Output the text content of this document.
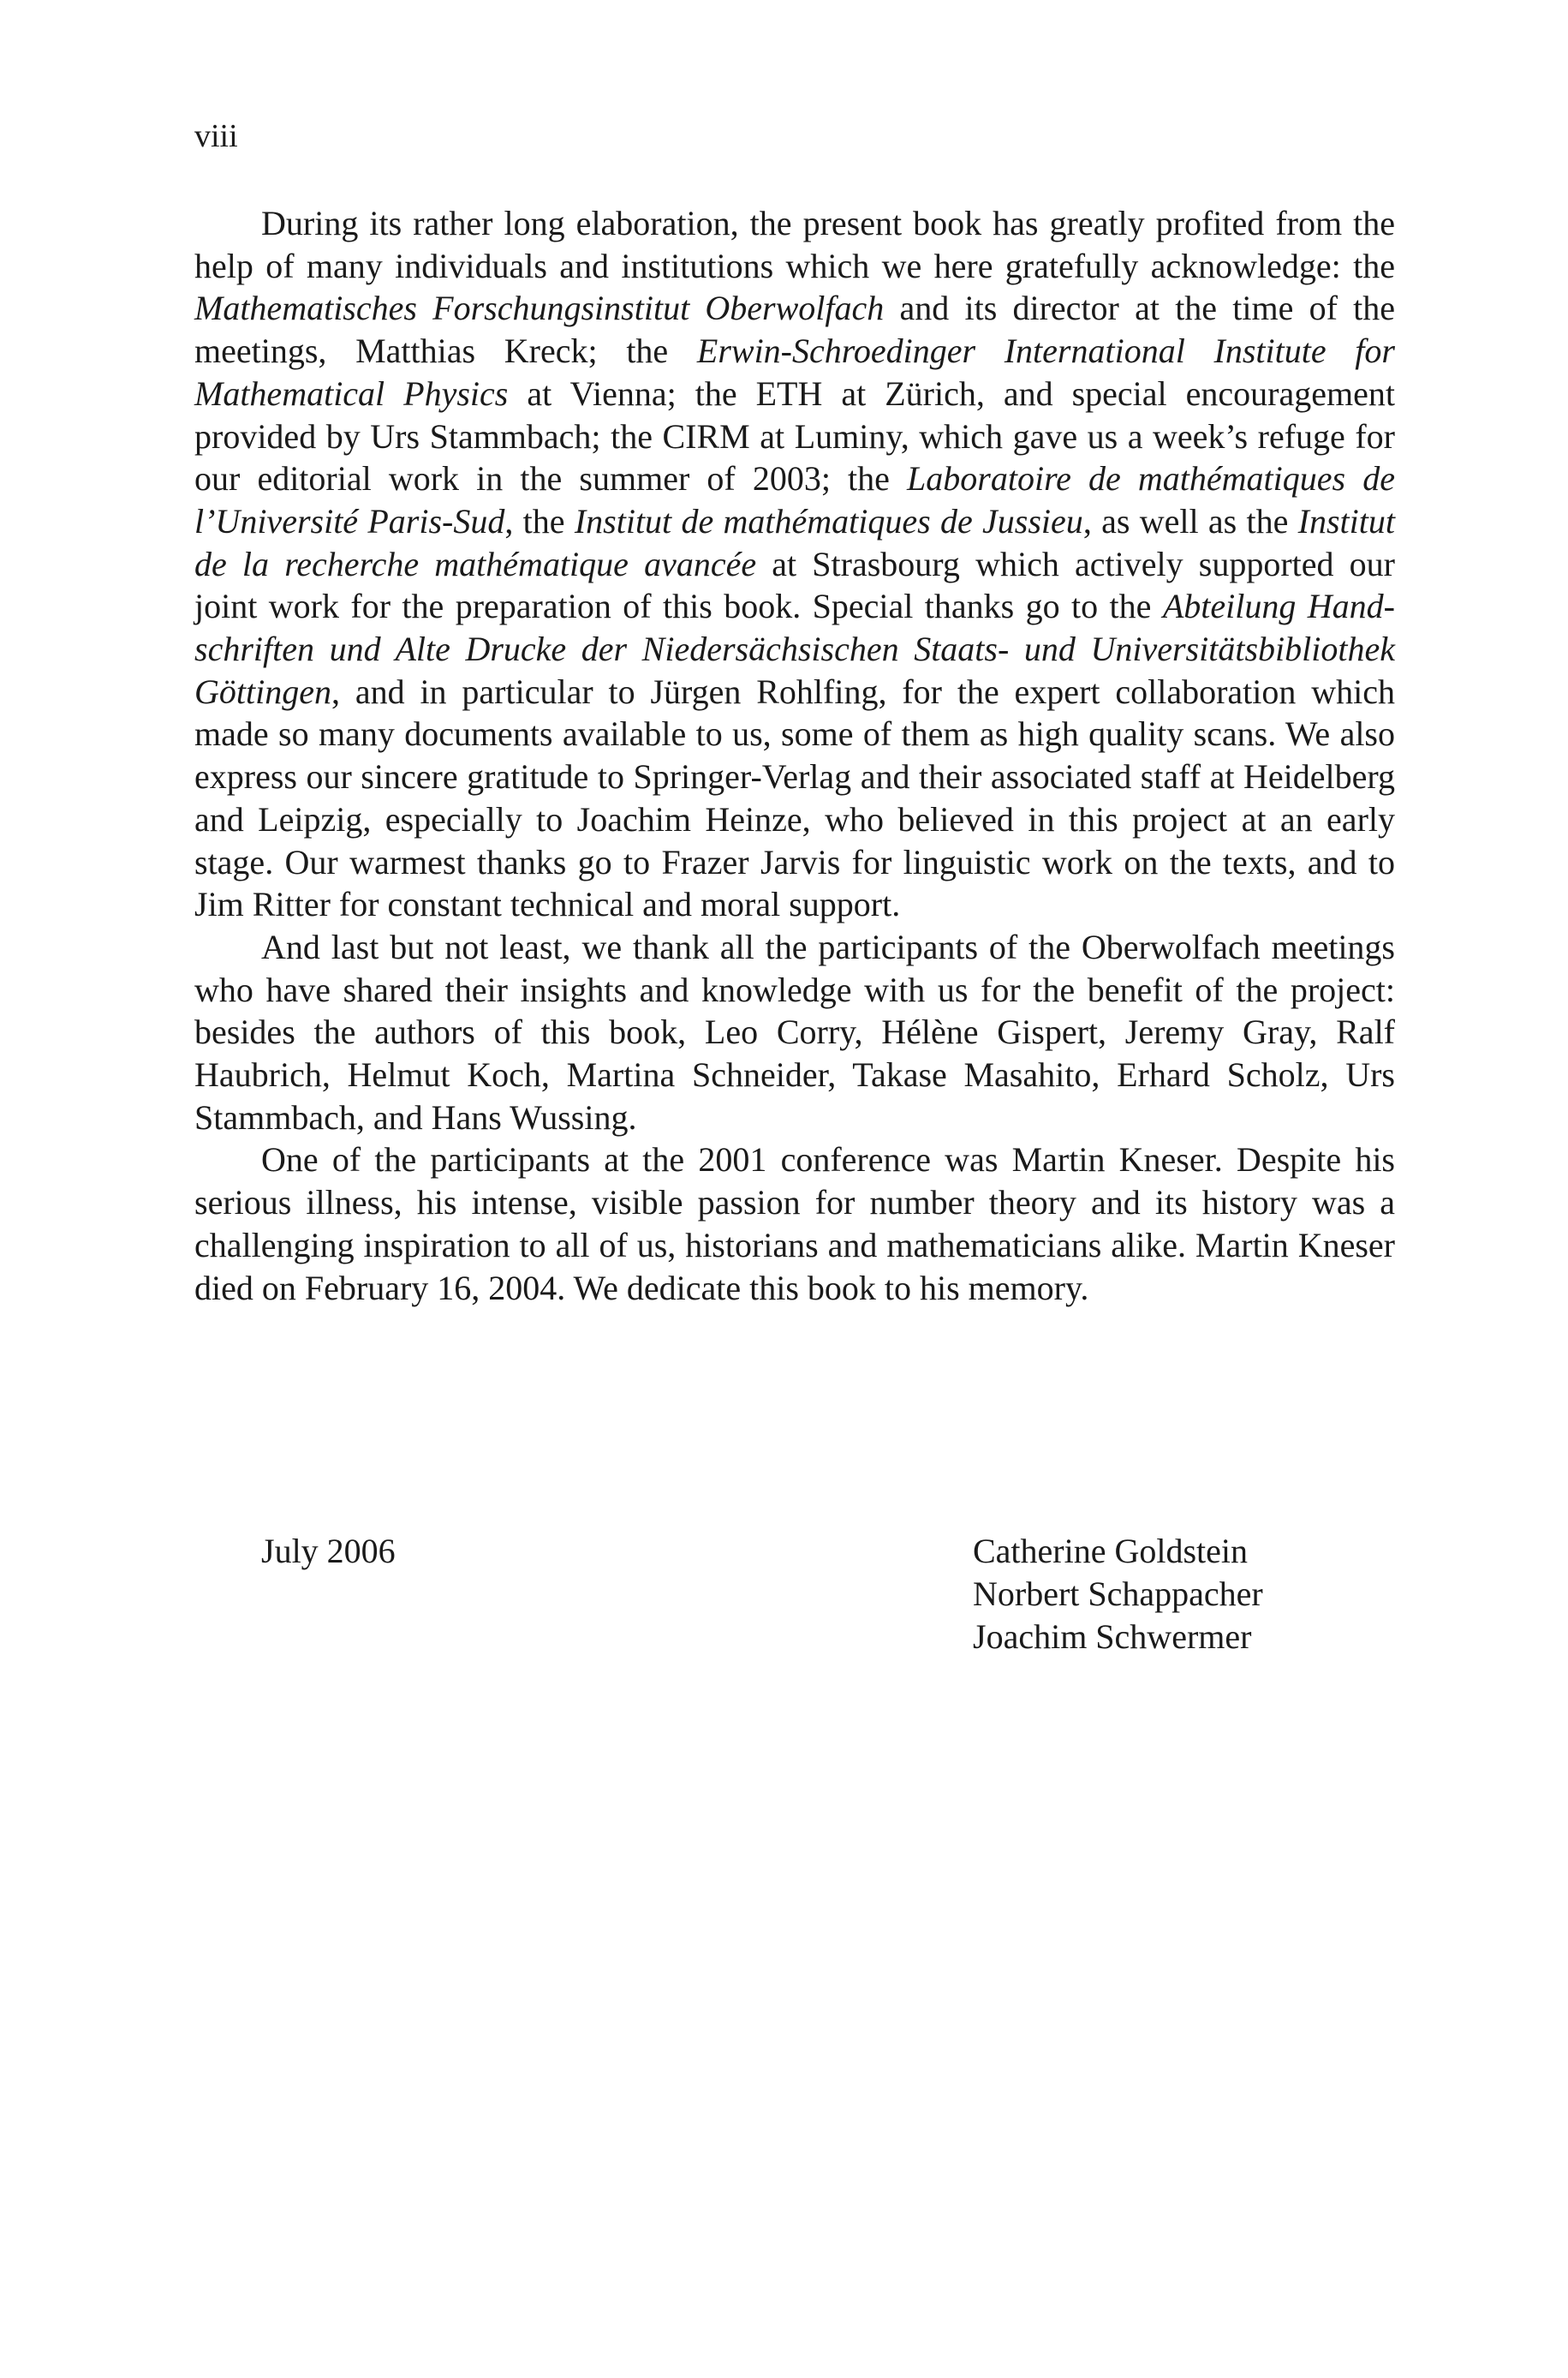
viii

During its rather long elaboration, the present book has greatly profited from the help of many individuals and institutions which we here gratefully acknowledge: the Mathematisches Forschungsinstitut Oberwolfach and its director at the time of the meetings, Matthias Kreck; the Erwin-Schroedinger International Institute for Mathematical Physics at Vienna; the ETH at Zürich, and special encouragement provided by Urs Stammbach; the CIRM at Luminy, which gave us a week’s refuge for our editorial work in the summer of 2003; the Laboratoire de mathématiques de l’Université Paris-Sud, the Institut de mathématiques de Jussieu, as well as the Institut de la recherche mathématique avancée at Strasbourg which actively supported our joint work for the preparation of this book. Special thanks go to the Abteilung Handschriften und Alte Drucke der Niedersächsischen Staats- und Universitätsbibliothek Göttingen, and in particular to Jürgen Rohlfing, for the expert collaboration which made so many documents available to us, some of them as high quality scans. We also express our sincere gratitude to Springer-Verlag and their associated staff at Heidelberg and Leipzig, especially to Joachim Heinze, who believed in this project at an early stage. Our warmest thanks go to Frazer Jarvis for linguistic work on the texts, and to Jim Ritter for constant technical and moral support.

And last but not least, we thank all the participants of the Oberwolfach meetings who have shared their insights and knowledge with us for the benefit of the project: besides the authors of this book, Leo Corry, Hélène Gispert, Jeremy Gray, Ralf Haubrich, Helmut Koch, Martina Schneider, Takase Masahito, Erhard Scholz, Urs Stammbach, and Hans Wussing.

One of the participants at the 2001 conference was Martin Kneser. Despite his serious illness, his intense, visible passion for number theory and its history was a challenging inspiration to all of us, historians and mathematicians alike. Martin Kneser died on February 16, 2004. We dedicate this book to his memory.

July 2006	Catherine Goldstein
Norbert Schappacher
Joachim Schwermer
